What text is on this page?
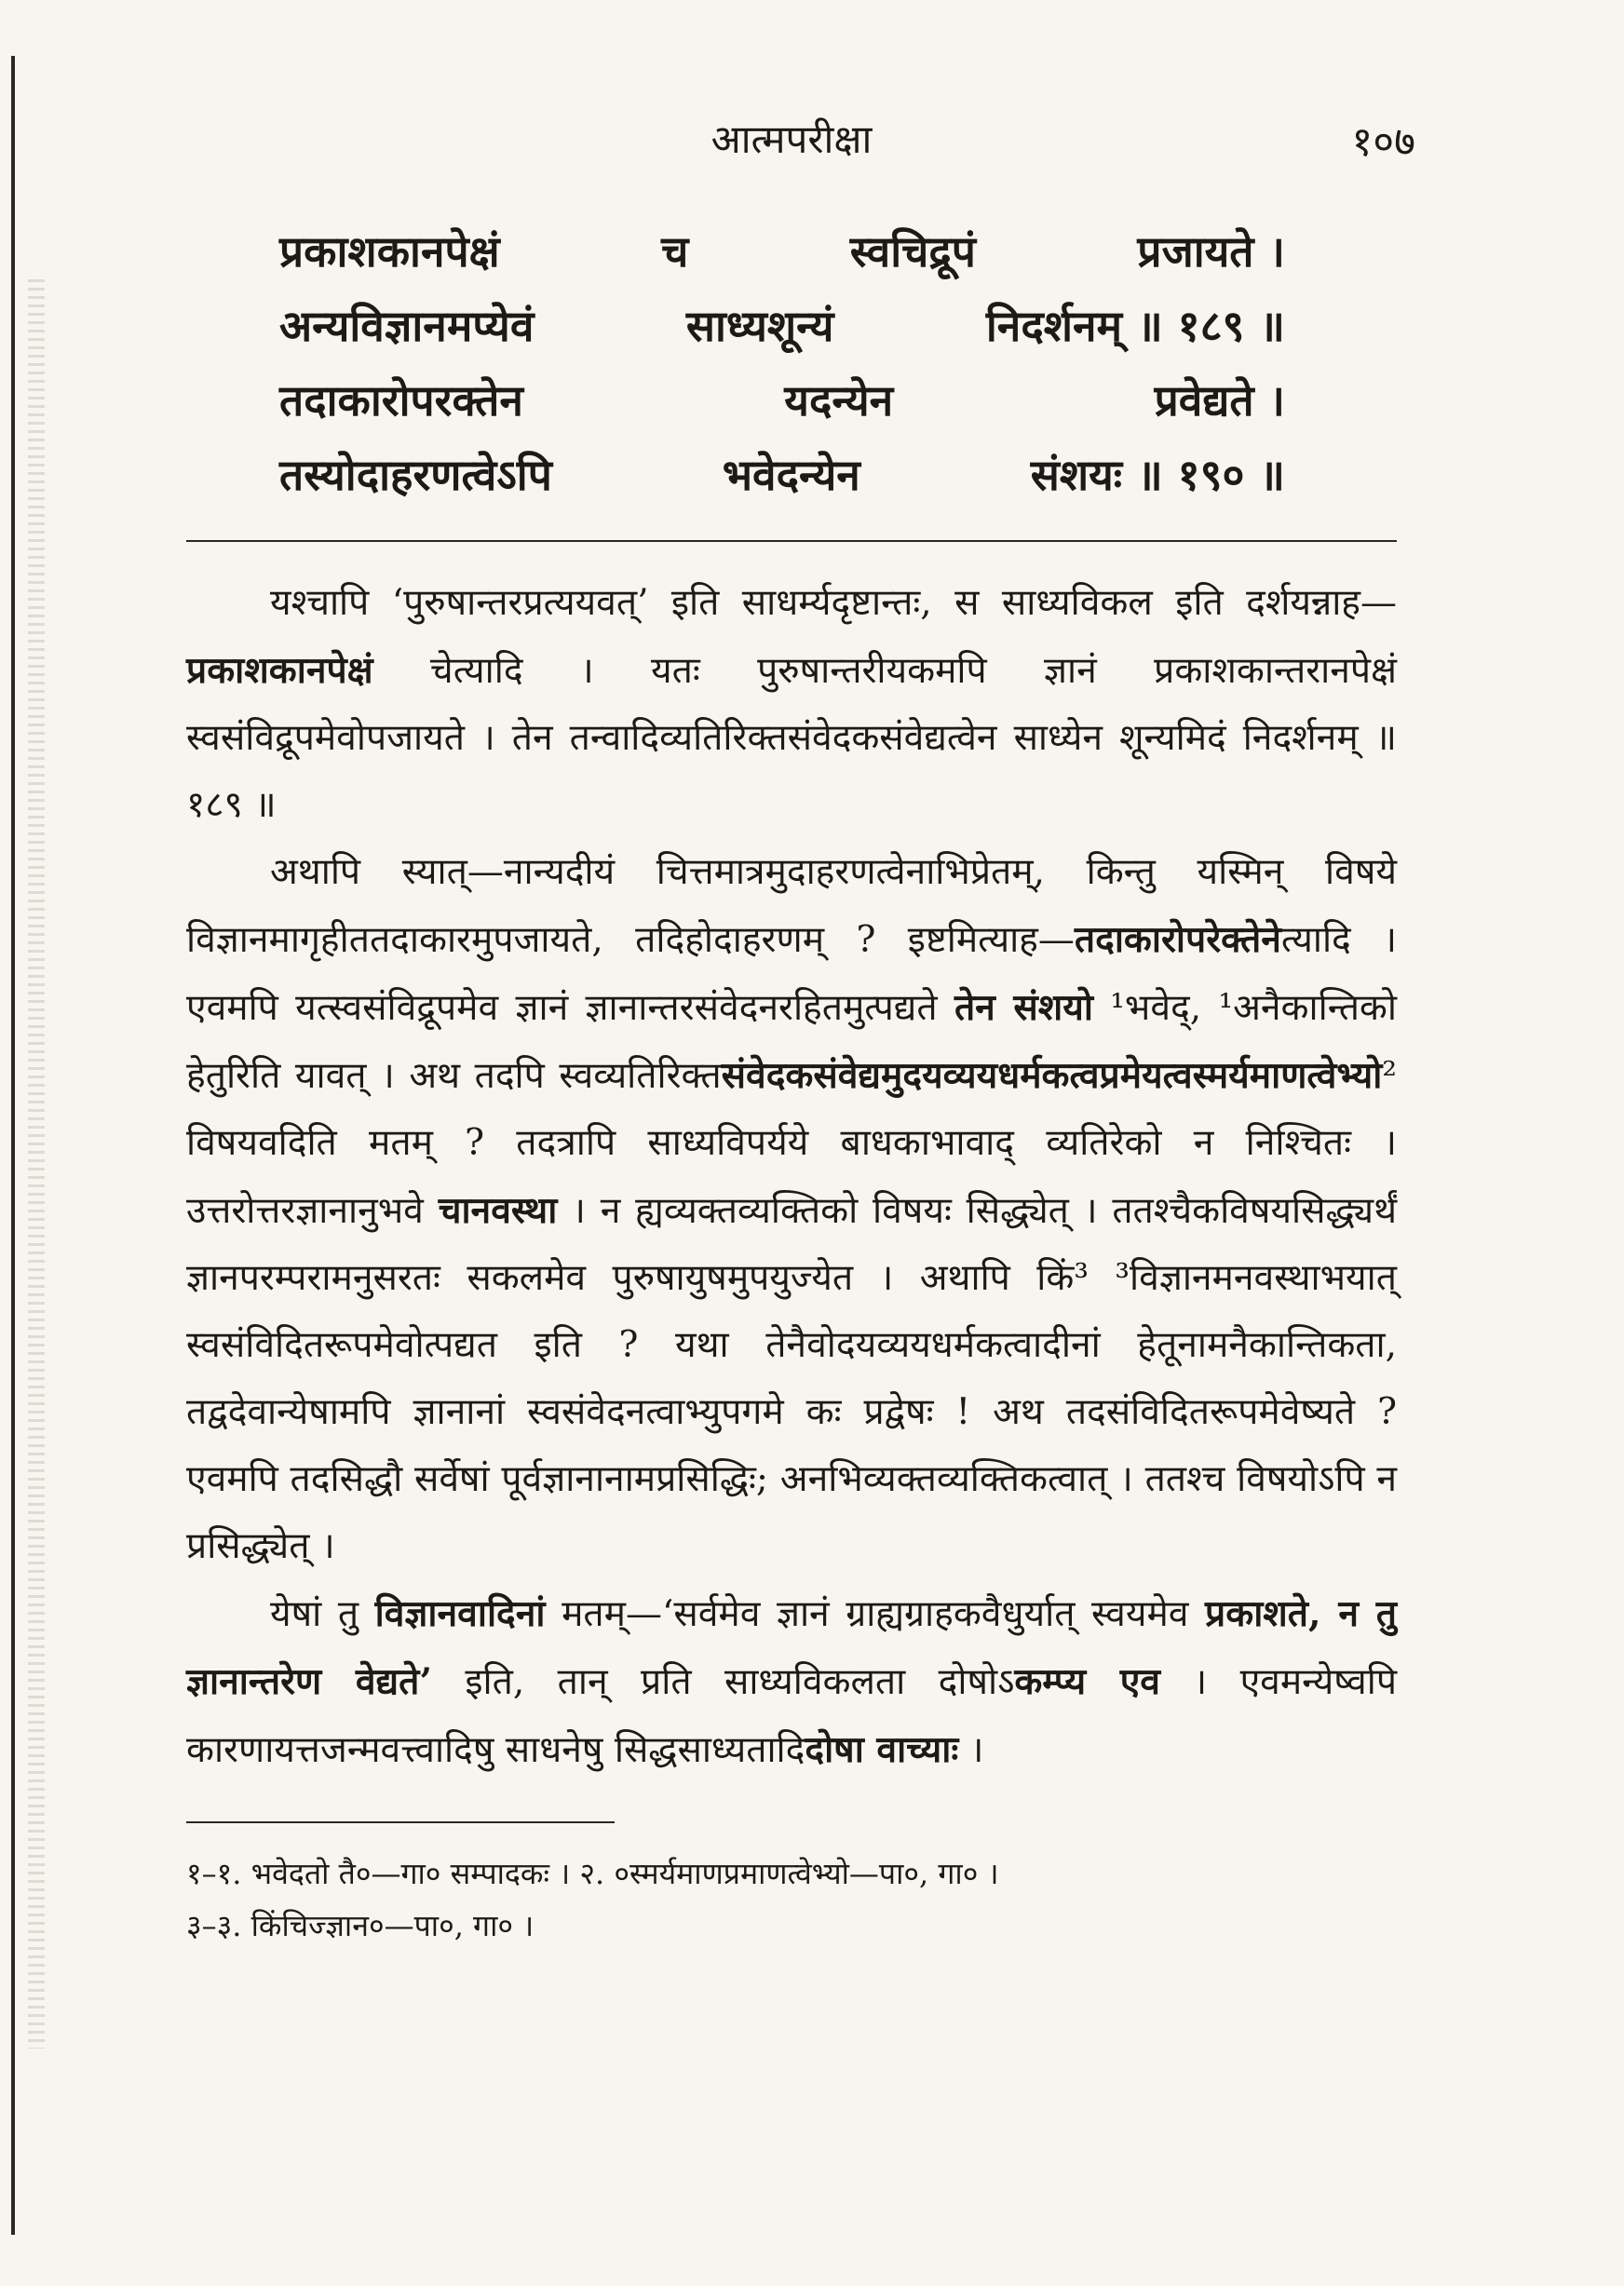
आत्मपरीक्षा	१०७
प्रकाशकानपेक्षं	च	स्वचिद्रूपं	प्रजायते ।
अन्यविज्ञानमप्येवं	साध्यशून्यं	निदर्शनम् ॥ १८९ ॥
तदाकारोपरक्तेन	यदन्येन	प्रवेद्यते ।
तस्योदाहरणत्वेऽपि	भवेदन्येन	संशयः ॥ १९० ॥

यश्चापि ‘पुरुषान्तरप्रत्ययवत्’ इति साधर्म्यदृष्टान्तः, स साध्यविकल इति दर्शयन्नाह—प्रकाशकानपेक्षं चेत्यादि । यतः पुरुषान्तरीयकमपि ज्ञानं प्रकाशकान्तरानपेक्षं स्वसंविद्रूपमेवोपजायते । तेन तन्वादिव्यतिरिक्तसंवेदकसंवेद्यत्वेन साध्येन शून्यमिदं निदर्शनम् ॥ १८९ ॥

अथापि स्यात्—नान्यदीयं चित्तमात्रमुदाहरणत्वेनाभिप्रेतम्, किन्तु यस्मिन् विषये विज्ञानमागृहीततदाकारमुपजायते, तदिहोदाहरणम् ? इष्टमित्याह—तदाकारोपरेक्तेनेत्यादि । एवमपि यत्स्वसंविद्रूपमेव ज्ञानं ज्ञानान्तरसंवेदनरहितमुत्पद्यते तेन संशयो ¹भवेद्, ¹अनैकान्तिको हेतुरिति यावत् । अथ तदपि स्वव्यतिरिक्तसंवेदकसंवेद्यमुदयव्ययधर्मकत्वप्रमेयत्वस्मर्यमाणत्वेभ्यो² विषयवदिति मतम् ? तदत्रापि साध्यविपर्यये बाधकाभावाद् व्यतिरेको न निश्चितः । उत्तरोत्तरज्ञानानुभवे चानवस्था । न ह्यव्यक्तव्यक्तिको विषयः सिद्ध्येत् । ततश्चैकविषयसिद्ध्यर्थं ज्ञानपरम्परामनुसरतः सकलमेव पुरुषायुषमुपयुज्येत । अथापि किं³ ³विज्ञानमनवस्थाभयात् स्वसंविदितरूपमेवोत्पद्यत इति ? यथा तेनैवोदयव्ययधर्मकत्वादीनां हेतूनामनैकान्तिकता, तद्वदेवान्येषामपि ज्ञानानां स्वसंवेदनत्वाभ्युपगमे कः प्रद्वेषः ! अथ तदसंविदितरूपमेवेष्यते ? एवमपि तदसिद्धौ सर्वेषां पूर्वज्ञानानामप्रसिद्धिः; अनभिव्यक्तव्यक्तिकत्वात् । ततश्च विषयोऽपि न प्रसिद्ध्येत् ।

येषां तु विज्ञानवादिनां मतम्—‘सर्वमेव ज्ञानं ग्राह्यग्राहकवैधुर्यात् स्वयमेव प्रकाशते, न तु ज्ञानान्तरेण वेद्यते’ इति, तान् प्रति साध्यविकलता दोषोऽकम्प्य एव । एवमन्येष्वपि कारणायत्तजन्मवत्त्वादिषु साधनेषु सिद्धसाध्यतादिदोषा वाच्याः ।

१–१. भवेदतो तै०—गा० सम्पादकः । २. ०स्मर्यमाणप्रमाणत्वेभ्यो—पा०, गा० ।
३–३. किंचिज्ज्ञान०—पा०, गा० ।
